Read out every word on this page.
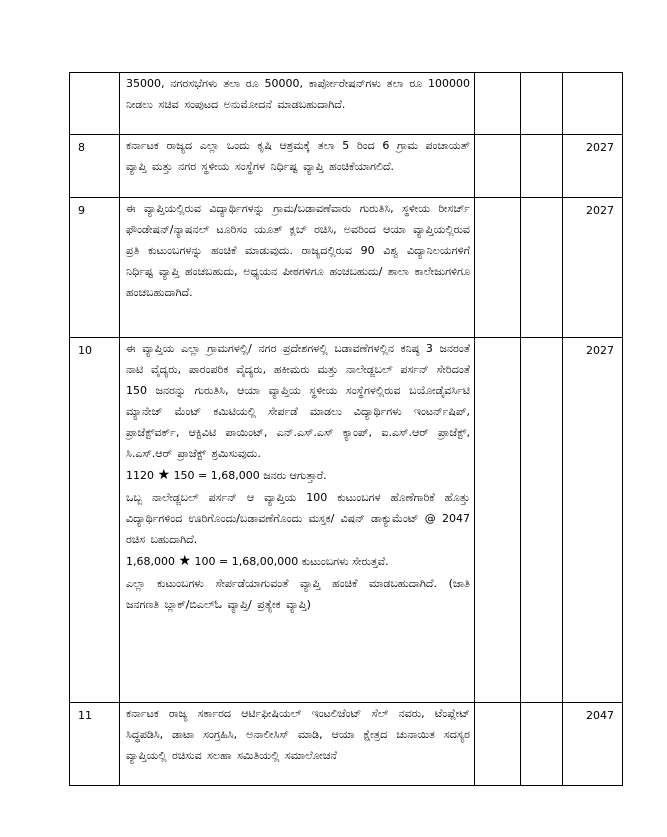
	35000, ನಗರಸಭೆಗಳು ತಲಾ ರೂ 50000, ಕಾರ್ಪೋರೇಷನ್‌ಗಳು ತಲಾ ರೂ 100000 ನೀಡಲು ಸಚಿವ ಸಂಪುಟದ ಅನುಮೋದನೆ ಮಾಡಬಹುದಾಗಿದೆ.			

8	ಕರ್ನಾಟಕ ರಾಜ್ಯದ ಎಲ್ಲಾ ಒಂದು ಕೃಷಿ ಆಶ್ರಮಕ್ಕೆ ತಲಾ 5 ರಿಂದ 6 ಗ್ರಾಮ ಪಂಚಾಯತ್ ವ್ಯಾಪ್ತಿ ಮತ್ತು ನಗರ ಸ್ಥಳೀಯ ಸಂಸ್ಥೆಗಳ ನಿರ್ಧಿಷ್ಟ ವ್ಯಾಪ್ತಿ ಹಂಚಿಕೆಯಾಗಲಿದೆ.			2027
9	ಈ ವ್ಯಾಪ್ತಿಯಲ್ಲಿರುವ ವಿದ್ಯಾರ್ಥಿಗಳನ್ನು ಗ್ರಾಮ/ಬಡಾವಣೆವಾರು ಗುರುತಿಸಿ, ಸ್ಥಳೀಯ ರೀಸರ್ಚ್ ಫೌಂಡೇಷನ್/ನ್ಯಾಷನಲ್ ಟೂರಿಸಂ ಯೂತ್ ಕ್ಲಬ್ ರಚಿಸಿ, ಅವರಿಂದ ಆಯಾ ವ್ಯಾಪ್ತಿಯಲ್ಲಿರುವ ಪ್ರತಿ ಕುಟುಂಬಗಳನ್ನು ಹಂಚಿಕೆ ಮಾಡುವುದು. ರಾಜ್ಯದಲ್ಲಿರುವ 90 ವಿಶ್ವ ವಿದ್ಯಾನಿಲಯಗಳಿಗೆ ನಿರ್ಧಿಷ್ಟ ವ್ಯಾಪ್ತಿ ಹಂಚಬಹುದು, ಅಧ್ಯಯನ ಪೀಠಗಳಿಗೂ ಹಂಚಬಹುದು/ ಶಾಲಾ ಕಾಲೇಜುಗಳಿಗೂ ಹಂಚಬಹುದಾಗಿದೆ.			2027
10	ಈ ವ್ಯಾಪ್ತಿಯ ಎಲ್ಲಾ ಗ್ರಾಮಗಳಲ್ಲಿ/ ನಗರ ಪ್ರದೇಶಗಳಲ್ಲಿ ಬಡಾವಣೆಗಳಲ್ಲಿನ ಕನಿಷ್ಠ 3 ಜನರಂತೆ ನಾಟಿ ವೈದ್ಯರು, ಪಾರಂಪರಿಕ ವೈದ್ಯರು, ಹಕೀಮರು ಮತ್ತು ನಾಲೇಡ್ಜಬಲ್ ಪರ್ಸನ್ ಸೇರಿದಂತೆ 150 ಜನರನ್ನು ಗುರುತಿಸಿ, ಆಯಾ ವ್ಯಾಪ್ತಿಯ ಸ್ಥಳೀಯ ಸಂಸ್ಥೆಗಳಲ್ಲಿರುವ ಬಯೋಡೈವರ್ಸಿಟಿ ಮ್ಯಾನೇಜ್ ಮೆಂಟ್ ಕಮಿಟಿಯಲ್ಲಿ ಸೇರ್ಪಡೆ ಮಾಡಲು ವಿದ್ಯಾರ್ಥಿಗಳು ಇಂಟರ್ನ್‌ಷಿಪ್, ಪ್ರಾಜೆಕ್ಟ್‌ವರ್ಕ್, ಆಕ್ಟಿವಿಟಿ ಪಾಯಿಂಟ್, ಎನ್.ಎಸ್.ಎಸ್ ಕ್ಯಾಂಪ್, ಐ.ಎಸ್.ಆರ್ ಪ್ರಾಜೆಕ್ಟ್, ಸಿ.ಎಸ್.ಆರ್ ಪ್ರಾಜೆಕ್ಟ್ ಶ್ರಮಿಸುವುದು.
1120 ★ 150 = 1,68,000 ಜನರು ಆಗುತ್ತಾರೆ.
ಒಬ್ಬ ನಾಲೇಡ್ಜಬಲ್ ಪರ್ಸನ್ ಆ ವ್ಯಾಪ್ತಿಯ 100 ಕುಟುಂಬಗಳ ಹೊಣೆಗಾರಿಕೆ ಹೊತ್ತು ವಿದ್ಯಾರ್ಥಿಗಳಿಂದ ಊರಿಗೊಂದು/ಬಡಾವಣೆಗೊಂದು ಮಸ್ತಕ/ ವಿಷನ್ ಡಾಕ್ಯುಮೆಂಟ್ @ 2047 ರಚಿಸ ಬಹುದಾಗಿದೆ.
1,68,000 ★ 100 = 1,68,00,000 ಕುಟುಂಬಗಳು ಸೇರುತ್ತವೆ.
ಎಲ್ಲಾ ಕುಟುಂಬಗಳು ಸೇರ್ಪಡೆಯಾಗುವಂತೆ ವ್ಯಾಪ್ತಿ ಹಂಚಿಕೆ ಮಾಡಬಹುದಾಗಿದೆ. (ಜಾತಿ ಜನಗಣತಿ ಬ್ಲಾಕ್/ಬಿಎಲ್‌ಓ ವ್ಯಾಪ್ತಿ/ ಪ್ರತ್ಯೇಕ ವ್ಯಾಪ್ತಿ)			2027
11	ಕರ್ನಾಟಕ ರಾಜ್ಯ ಸರ್ಕಾರದ ಆರ್ಟಿಫೀಷಿಯಲ್ ಇಂಟಲಿಜೆಂಟ್ ಸೆಲ್ ನವರು, ಟೆಂಪ್ಲೇಟ್ ಸಿದ್ಧಪಡಿಸಿ, ಡಾಟಾ ಸಂಗ್ರಹಿಸಿ, ಅನಾಲೀಸಿಸ್ ಮಾಡಿ, ಆಯಾ ಕ್ಷೇತ್ರದ ಚುನಾಯಿತ ಸದಸ್ಯರ ವ್ಯಾಪ್ತಿಯಲ್ಲಿ ರಚಿಸುವ ಸಲಹಾ ಸಮಿತಿಯಲ್ಲಿ ಸಮಾಲೋಚನೆ			2047
